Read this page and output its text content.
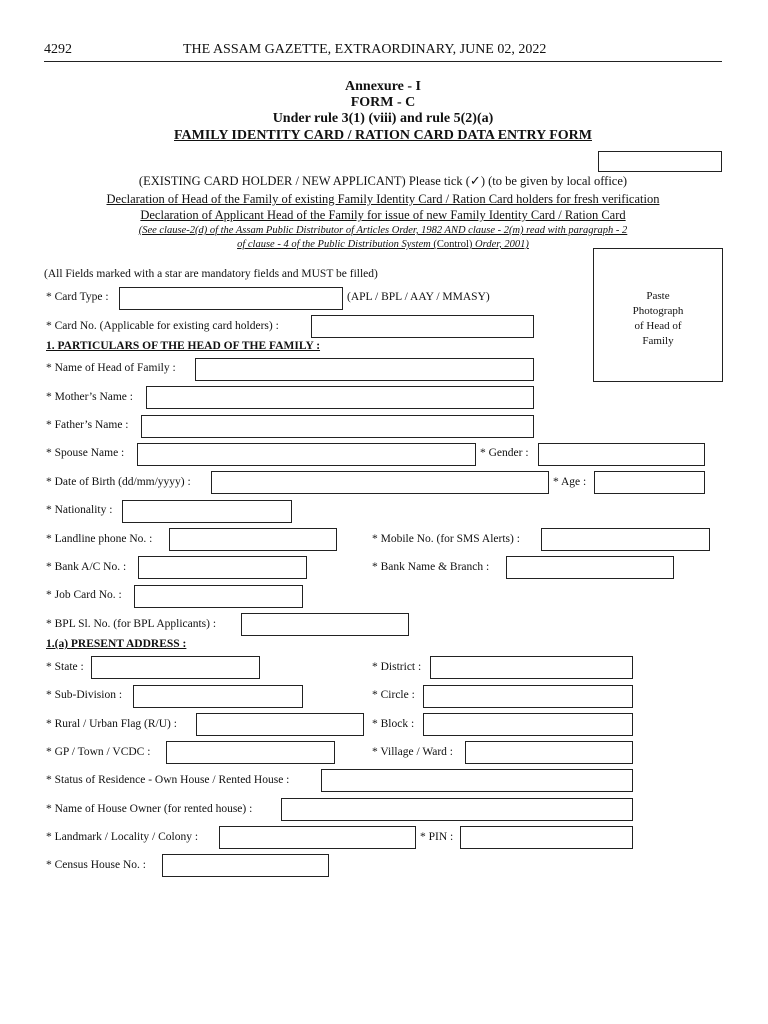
4292	THE ASSAM GAZETTE, EXTRAORDINARY, JUNE 02, 2022
Annexure - I
FORM - C
Under rule 3(1) (viii) and rule 5(2)(a)
FAMILY IDENTITY CARD / RATION CARD DATA ENTRY FORM
(EXISTING CARD HOLDER / NEW APPLICANT) Please tick (✓) (to be given by local office)
Declaration of Head of the Family of existing Family Identity Card / Ration Card holders for fresh verification
Declaration of Applicant Head of the Family for issue of new Family Identity Card / Ration Card
(See clause-2(d) of the Assam Public Distributor of Articles Order, 1982 AND clause - 2(m) read with paragraph - 2
of clause - 4 of the Public Distribution System (Control) Order, 2001)
(All Fields marked with a star are mandatory fields and MUST be filled)
Paste
Photograph
of Head of
Family
* Card Type :	(APL / BPL / AAY / MMASY)
* Card No. (Applicable for existing card holders) :
1. PARTICULARS OF THE HEAD OF THE FAMILY :
* Name of Head of Family :
* Mother’s Name :
* Father’s Name :
* Spouse Name :	* Gender :
* Date of Birth (dd/mm/yyyy) :	* Age :
* Nationality :
* Landline phone No. :	* Mobile No. (for SMS Alerts) :
* Bank A/C No. :	* Bank Name & Branch :
* Job Card No. :
* BPL Sl. No. (for BPL Applicants) :
1.(a) PRESENT ADDRESS :
* State :	* District :
* Sub-Division :	* Circle :
* Rural / Urban Flag (R/U) :	* Block :
* GP / Town / VCDC :	* Village / Ward :
* Status of Residence - Own House / Rented House :
* Name of House Owner (for rented house) :
* Landmark / Locality / Colony :	* PIN :
* Census House No. :
